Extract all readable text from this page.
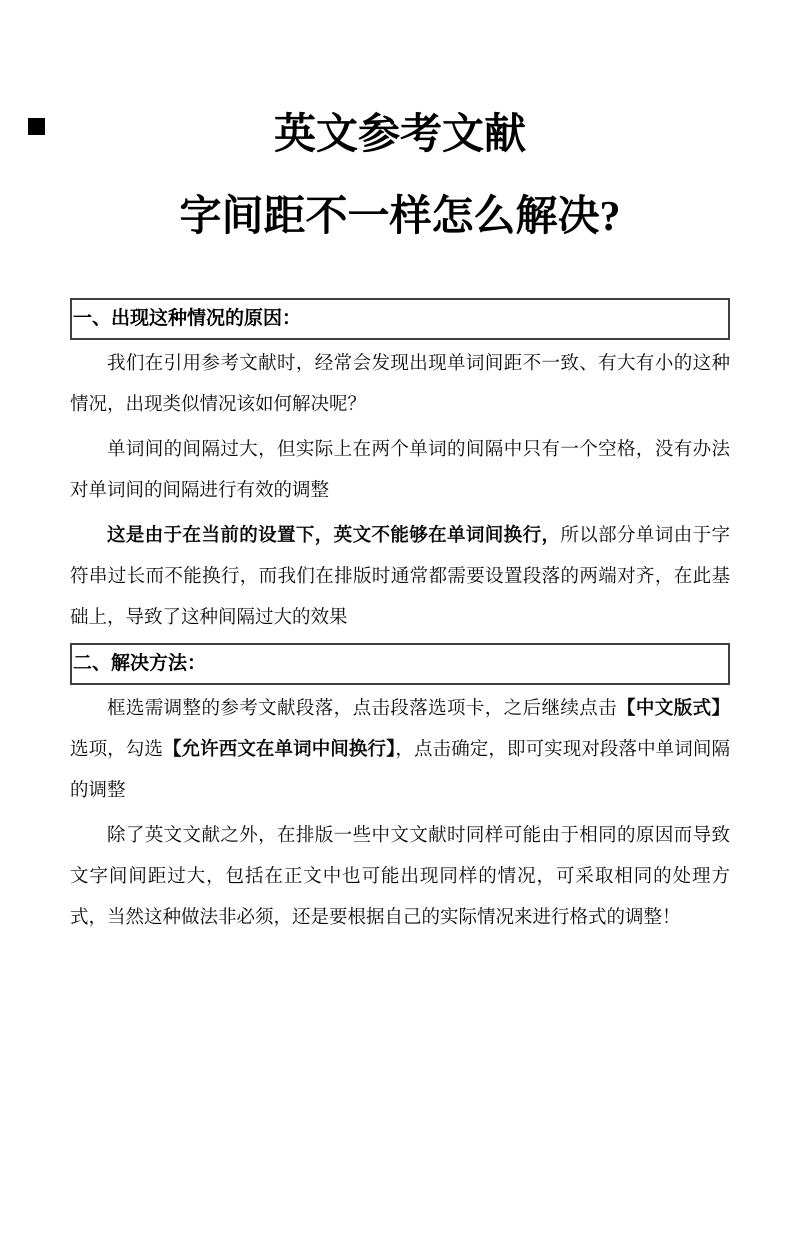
英文参考文献
字间距不一样怎么解决?
一、出现这种情况的原因：

我们在引用参考文献时，经常会发现出现单词间距不一致、有大有小的这种情况，出现类似情况该如何解决呢？

单词间的间隔过大，但实际上在两个单词的间隔中只有一个空格，没有办法对单词间的间隔进行有效的调整

这是由于在当前的设置下，英文不能够在单词间换行，所以部分单词由于字符串过长而不能换行，而我们在排版时通常都需要设置段落的两端对齐，在此基础上，导致了这种间隔过大的效果

二、解决方法：

框选需调整的参考文献段落，点击段落选项卡，之后继续点击【中文版式】选项，勾选【允许西文在单词中间换行】，点击确定，即可实现对段落中单词间隔的调整

除了英文文献之外，在排版一些中文文献时同样可能由于相同的原因而导致文字间间距过大，包括在正文中也可能出现同样的情况，可采取相同的处理方式，当然这种做法非必须，还是要根据自己的实际情况来进行格式的调整！
